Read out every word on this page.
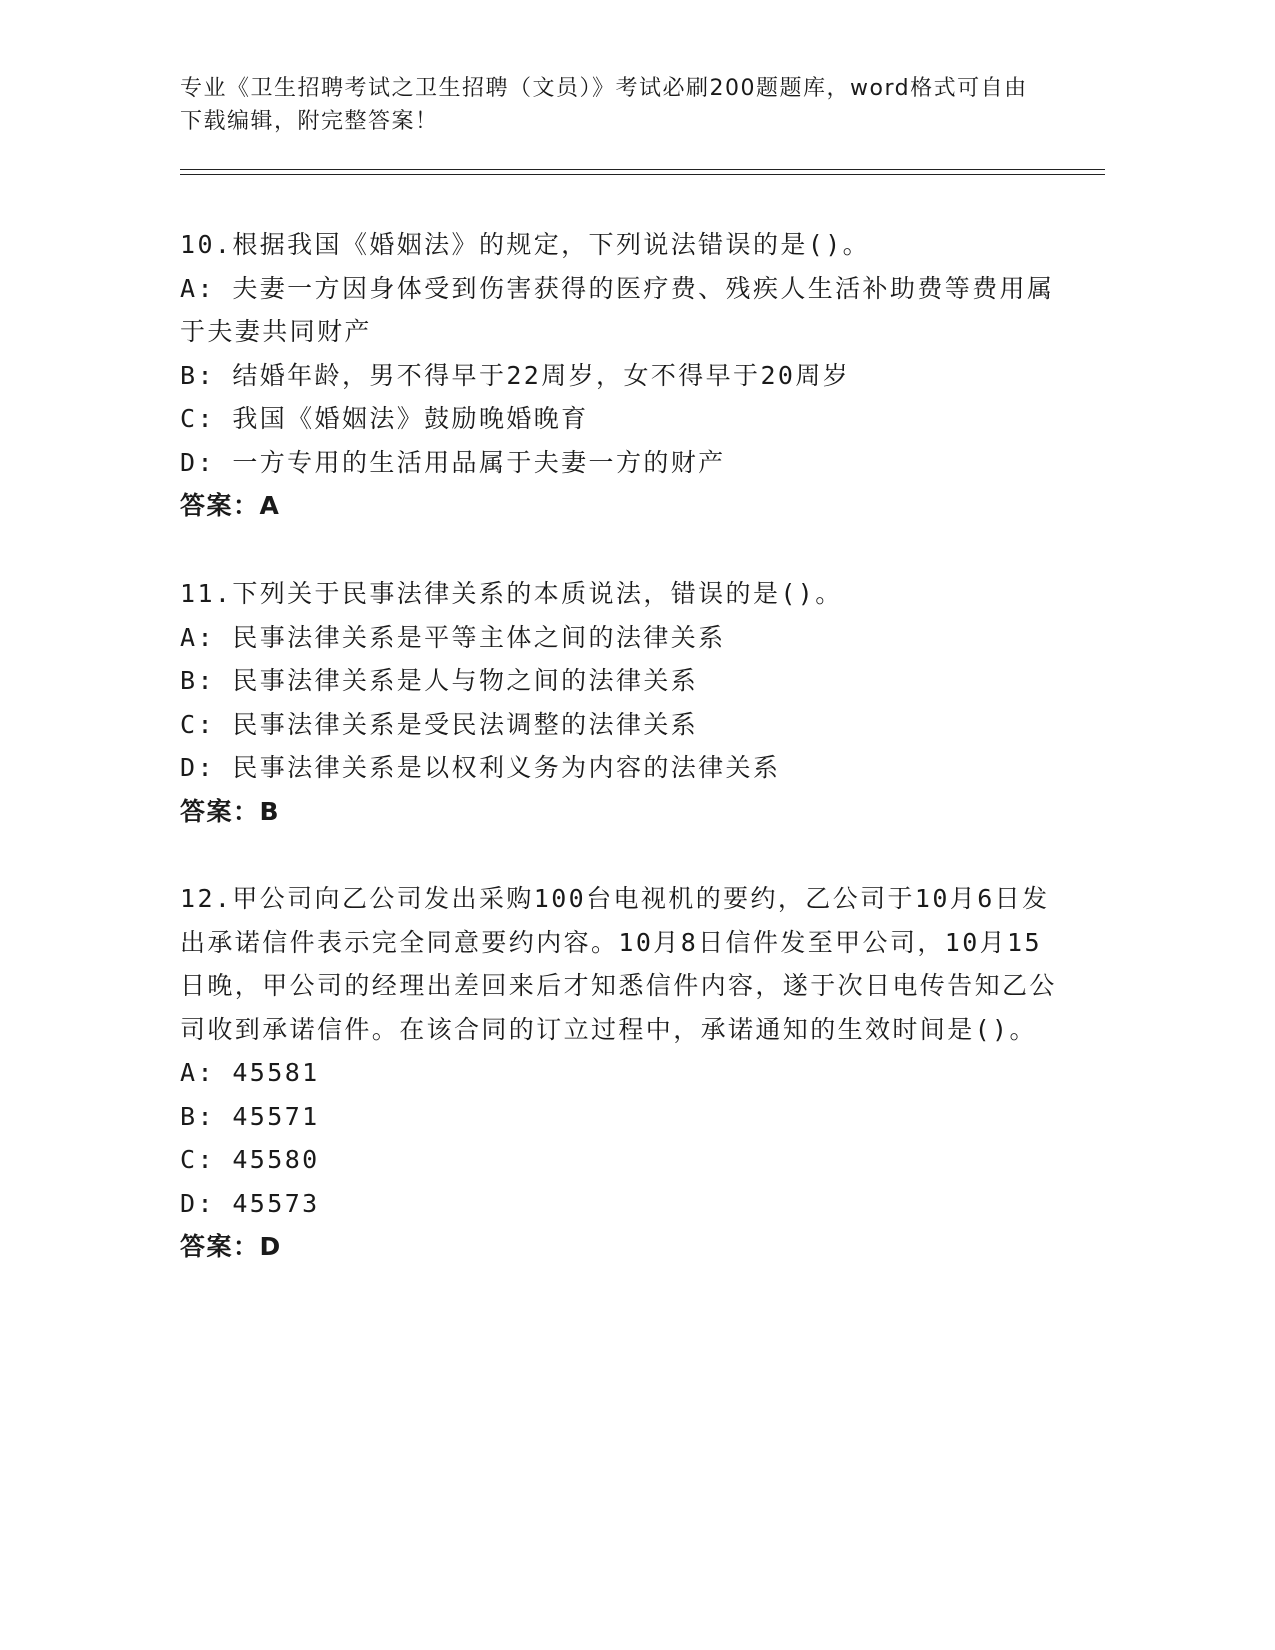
专业《卫生招聘考试之卫生招聘（文员）》考试必刷200题题库，word格式可自由下载编辑，附完整答案！
10.根据我国《婚姻法》的规定，下列说法错误的是()。
A: 夫妻一方因身体受到伤害获得的医疗费、残疾人生活补助费等费用属于夫妻共同财产
B: 结婚年龄，男不得早于22周岁，女不得早于20周岁
C: 我国《婚姻法》鼓励晚婚晚育
D: 一方专用的生活用品属于夫妻一方的财产
答案：A
11.下列关于民事法律关系的本质说法，错误的是()。
A: 民事法律关系是平等主体之间的法律关系
B: 民事法律关系是人与物之间的法律关系
C: 民事法律关系是受民法调整的法律关系
D: 民事法律关系是以权利义务为内容的法律关系
答案：B
12.甲公司向乙公司发出采购100台电视机的要约，乙公司于10月6日发出承诺信件表示完全同意要约内容。10月8日信件发至甲公司，10月15日晚，甲公司的经理出差回来后才知悉信件内容，遂于次日电传告知乙公司收到承诺信件。在该合同的订立过程中，承诺通知的生效时间是()。
A: 45581
B: 45571
C: 45580
D: 45573
答案：D
